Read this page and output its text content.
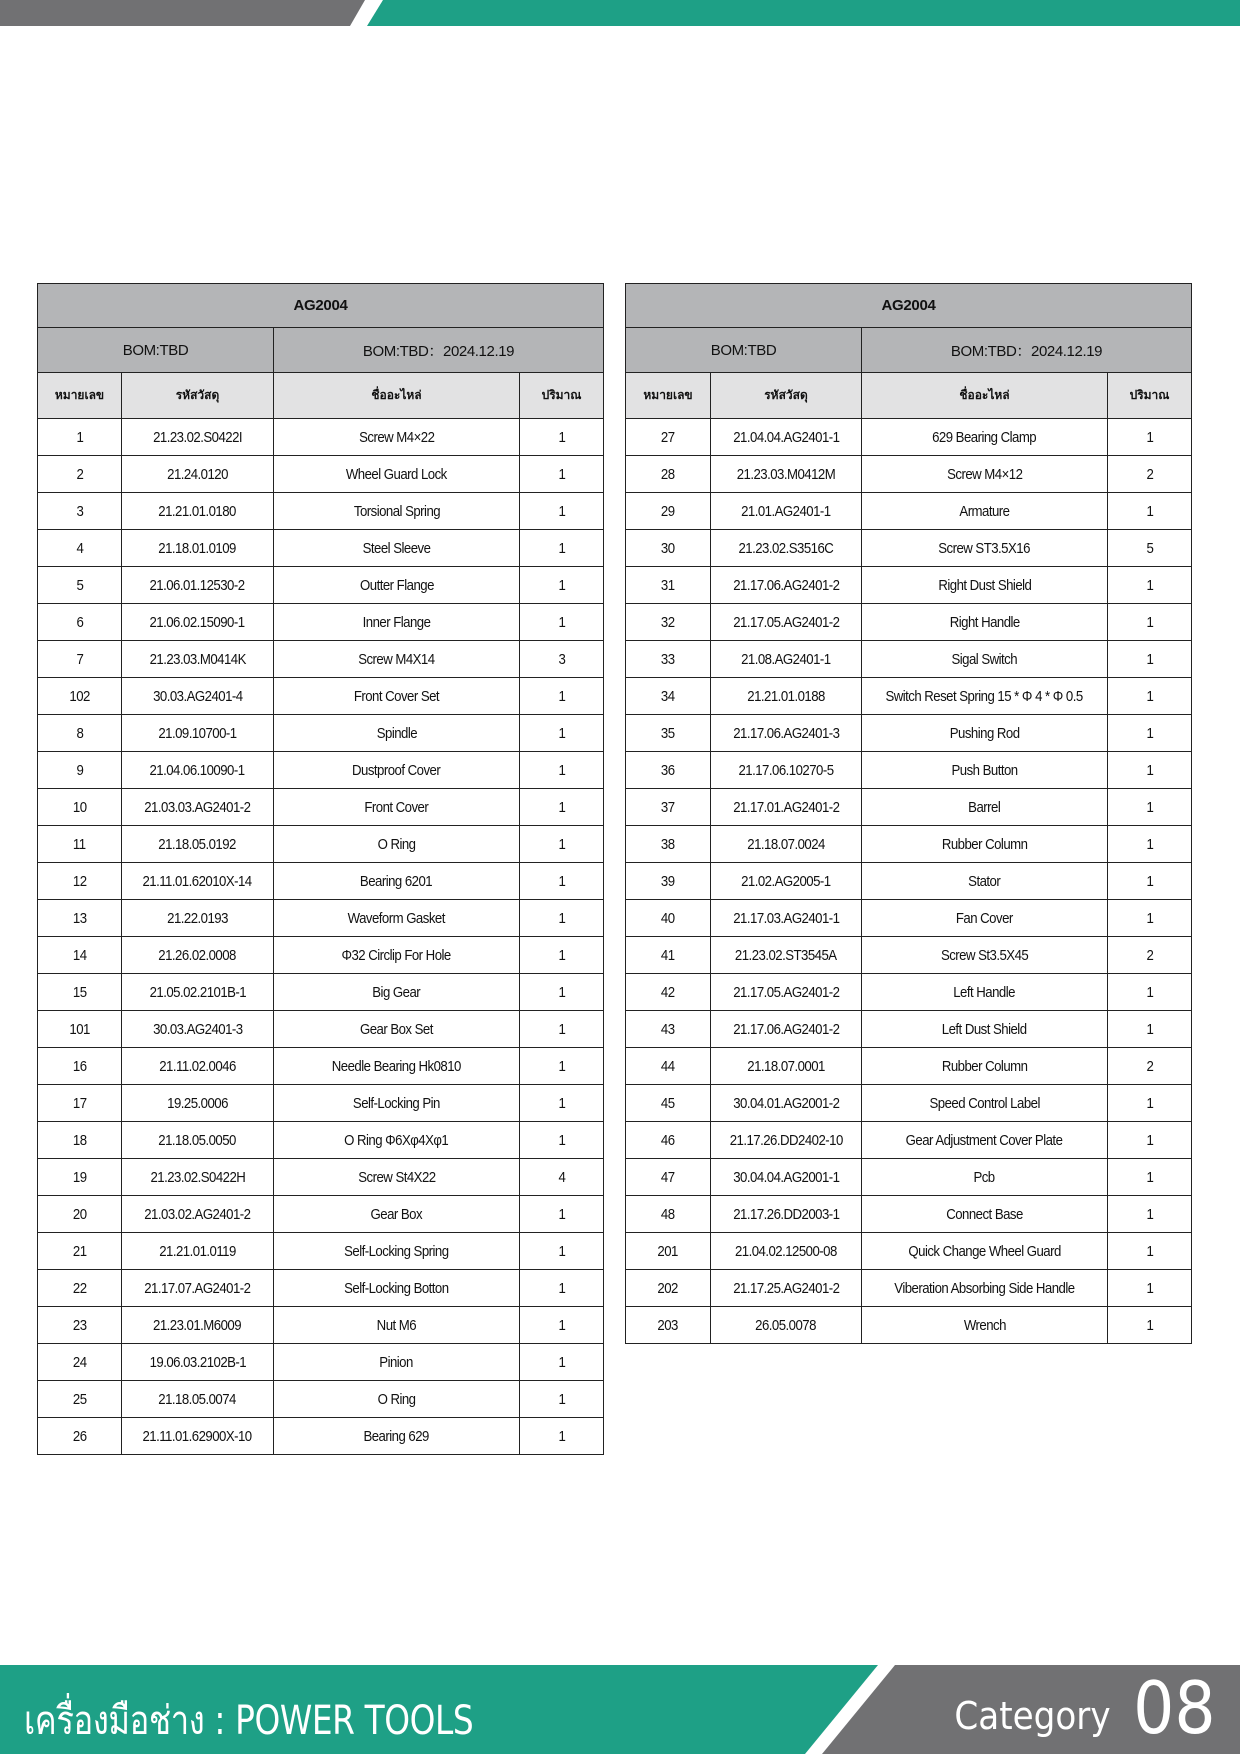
AG2004			
BOM:TBD		BOM:TBD：2024.12.19	
หมายเลข	รหัสวัสดุ	ชื่ออะไหล่	ปริมาณ
1	21.23.02.S0422I	Screw M4×22	1
2	21.24.0120	Wheel Guard Lock	1
3	21.21.01.0180	Torsional Spring	1
4	21.18.01.0109	Steel Sleeve	1
5	21.06.01.12530-2	Outter Flange	1
6	21.06.02.15090-1	Inner Flange	1
7	21.23.03.M0414K	Screw M4X14	3
102	30.03.AG2401-4	Front Cover Set	1
8	21.09.10700-1	Spindle	1
9	21.04.06.10090-1	Dustproof Cover	1
10	21.03.03.AG2401-2	Front Cover	1
11	21.18.05.0192	O Ring	1
12	21.11.01.62010X-14	Bearing 6201	1
13	21.22.0193	Waveform Gasket	1
14	21.26.02.0008	Φ32 Circlip For Hole	1
15	21.05.02.2101B-1	Big Gear	1
101	30.03.AG2401-3	Gear Box Set	1
16	21.11.02.0046	Needle Bearing Hk0810	1
17	19.25.0006	Self-Locking Pin	1
18	21.18.05.0050	O Ring Φ6Xφ4Xφ1	1
19	21.23.02.S0422H	Screw St4X22	4
20	21.03.02.AG2401-2	Gear Box	1
21	21.21.01.0119	Self-Locking Spring	1
22	21.17.07.AG2401-2	Self-Locking Botton	1
23	21.23.01.M6009	Nut M6	1
24	19.06.03.2102B-1	Pinion	1
25	21.18.05.0074	O Ring	1
26	21.11.01.62900X-10	Bearing 629	1
AG2004			
BOM:TBD		BOM:TBD：2024.12.19	
หมายเลข	รหัสวัสดุ	ชื่ออะไหล่	ปริมาณ
27	21.04.04.AG2401-1	629 Bearing Clamp	1
28	21.23.03.M0412M	Screw M4×12	2
29	21.01.AG2401-1	Armature	1
30	21.23.02.S3516C	Screw ST3.5X16	5
31	21.17.06.AG2401-2	Right Dust Shield	1
32	21.17.05.AG2401-2	Right Handle	1
33	21.08.AG2401-1	Sigal Switch	1
34	21.21.01.0188	Switch Reset Spring 15 * Φ 4 * Φ 0.5	1
35	21.17.06.AG2401-3	Pushing Rod	1
36	21.17.06.10270-5	Push Button	1
37	21.17.01.AG2401-2	Barrel	1
38	21.18.07.0024	Rubber Column	1
39	21.02.AG2005-1	Stator	1
40	21.17.03.AG2401-1	Fan Cover	1
41	21.23.02.ST3545A	Screw St3.5X45	2
42	21.17.05.AG2401-2	Left Handle	1
43	21.17.06.AG2401-2	Left Dust Shield	1
44	21.18.07.0001	Rubber Column	2
45	30.04.01.AG2001-2	Speed Control Label	1
46	21.17.26.DD2402-10	Gear Adjustment Cover Plate	1
47	30.04.04.AG2001-1	Pcb	1
48	21.17.26.DD2003-1	Connect Base	1
201	21.04.02.12500-08	Quick Change Wheel Guard	1
202	21.17.25.AG2401-2	Viberation Absorbing Side Handle	1
203	26.05.0078	Wrench	1
เครื่องมือช่าง : POWER TOOLS	Category 08
